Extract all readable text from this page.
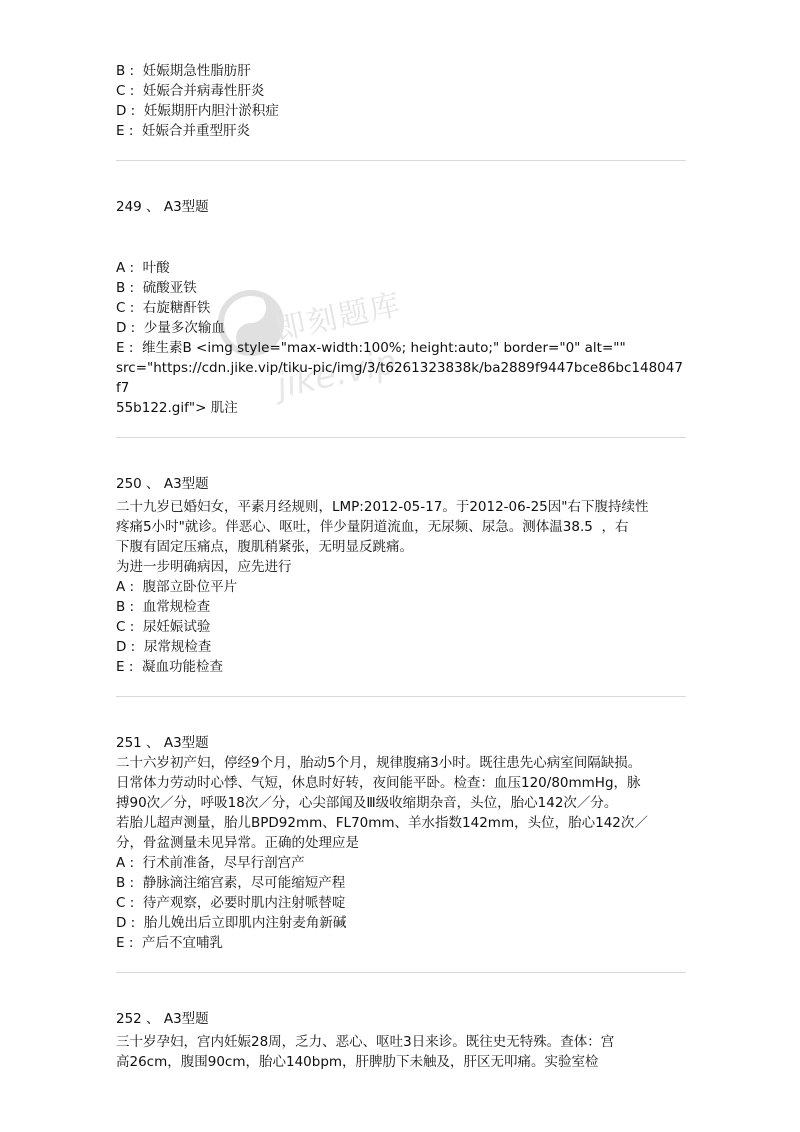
即刻题库
jike.vip
B : 妊娠期急性脂肪肝
C : 妊娠合并病毒性肝炎
D : 妊娠期肝内胆汁淤积症
E : 妊娠合并重型肝炎
249 、 A3型题
A : 叶酸
B : 硫酸亚铁
C : 右旋糖酐铁
D : 少量多次输血
E : 维生素B <img style="max-width:100%; height:auto;" border="0" alt=""
src="https://cdn.jike.vip/tiku-pic/img/3/t6261323838k/ba2889f9447bce86bc148047f7
55b122.gif"> 肌注
250 、 A3型题
二十九岁已婚妇女，平素月经规则，LMP:2012-05-17。于2012-06-25因"右下腹持续性
疼痛5小时"就诊。伴恶心、呕吐，伴少量阴道流血，无尿频、尿急。测体温38.5  ，右
下腹有固定压痛点，腹肌稍紧张，无明显反跳痛。
为进一步明确病因，应先进行
A : 腹部立卧位平片
B : 血常规检查
C : 尿妊娠试验
D : 尿常规检查
E : 凝血功能检查
251 、 A3型题
二十六岁初产妇，停经9个月，胎动5个月，规律腹痛3小时。既往患先心病室间隔缺损。
日常体力劳动时心悸、气短，休息时好转，夜间能平卧。检查：血压120/80mmHg，脉
搏90次／分，呼吸18次／分，心尖部闻及Ⅲ级收缩期杂音，头位，胎心142次／分。
若胎儿超声测量，胎儿BPD92mm、FL70mm、羊水指数142mm，头位，胎心142次／
分，骨盆测量未见异常。正确的处理应是
A : 行术前准备，尽早行剖宫产
B : 静脉滴注缩宫素，尽可能缩短产程
C : 待产观察，必要时肌内注射哌替啶
D : 胎儿娩出后立即肌内注射麦角新碱
E : 产后不宜哺乳
252 、 A3型题
三十岁孕妇，宫内妊娠28周，乏力、恶心、呕吐3日来诊。既往史无特殊。查体：宫
高26cm，腹围90cm，胎心140bpm，肝脾肋下未触及，肝区无叩痛。实验室检
